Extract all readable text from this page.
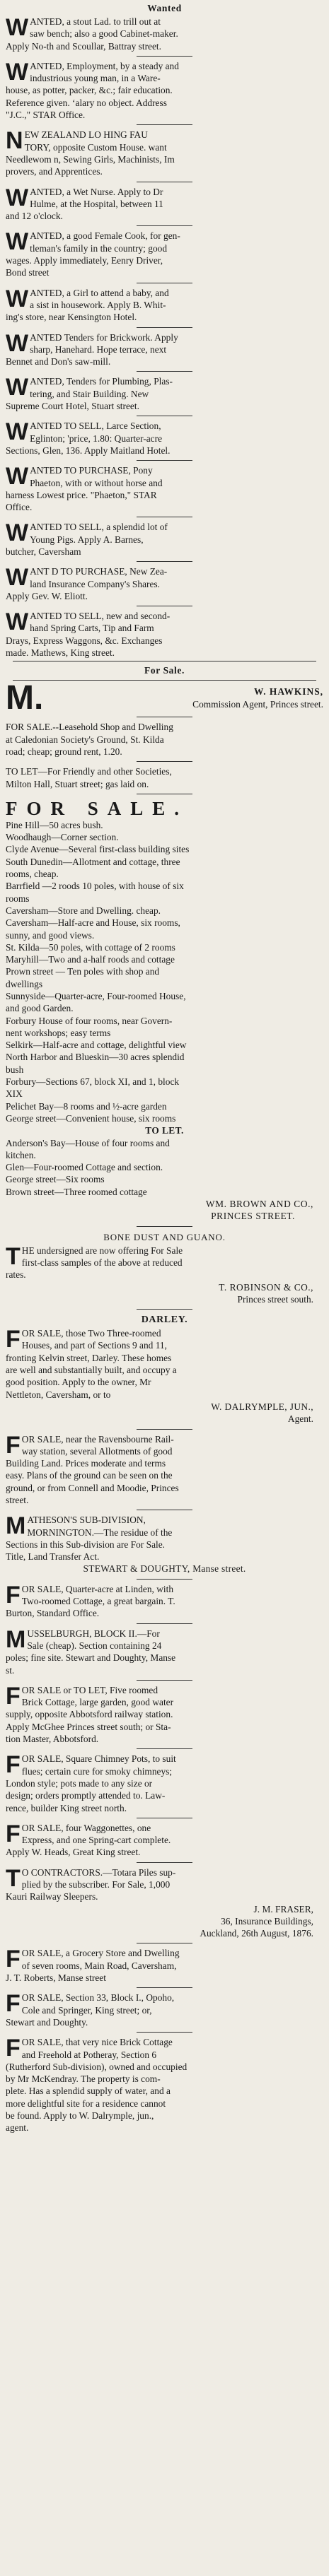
Wanted
W ANTED, a stout Lad. to trill out at
saw bench; also a good Cabinet-maker.
Apply No-th and Scoullar, Battray street.
W ANTED, Employment, by a steady and
industrious young man, in a Ware-
house, as potter, packer, &c.; fair education.
Reference given. ‘alary no object. Address
"J.C.," STAR Office.
N EW ZEALAND LO HING FAU
TORY, opposite Custom House. want
Needlewom n, Sewing Girls, Machinists, Im
provers, and Apprentices.
W ANTED, a Wet Nurse. Apply to Dr
Hulme, at the Hospital, between 11
and 12 o'clock.
W ANTED, a good Female Cook, for gen-
tleman's family in the country; good
wages. Apply immediately, Eenry Driver,
Bond street
W ANTED, a Girl to attend a baby, and
a sist in housework. Apply B. Whit-
ing's store, near Kensington Hotel.
W ANTED Tenders for Brickwork. Apply
sharp, Hanehard. Hope terrace, next
Bennet and Don's saw-mill.
W ANTED, Tenders for Plumbing, Plas-
tering, and Stair Building. New
Supreme Court Hotel, Stuart street.
W ANTED TO SELL, Larce Section,
Eglinton; 'price, 1.80: Quarter-acre
Sections, Glen, 136. Apply Maitland Hotel.
W ANTED TO PURCHASE, Pony
Phaeton, with or without horse and
harness Lowest price. "Phaeton," STAR
Office.
W ANTED TO SELL, a splendid lot of
Young Pigs. Apply A. Barnes,
butcher, Caversham
W ANT D TO PURCHASE, New Zea-
land Insurance Company's Shares.
Apply Gev. W. Eliott.
W ANTED TO SELL, new and second-
hand Spring Carts, Tip and Farm
Drays, Express Waggons, &c. Exchanges
made. Mathews, King street.
For Sale.
M.	W. HAWKINS,
Commission Agent, Princes street.
FOR SALE.--Leasehold Shop and Dwelling
at Caledonian Society's Ground, St. Kilda
road; cheap; ground rent, 1.20.
TO LET—For Friendly and other Societies,
Milton Hall, Stuart street; gas laid on.
FOR SALE.
Pine Hill—50 acres bush.
Woodhaugh—Corner section.
Clyde Avenue—Several first-class building sites
South Dunedin—Allotment and cottage, three
rooms, cheap.
Barrfield —2 roods 10 poles, with house of six
rooms
Caversham—Store and Dwelling. cheap.
Caversham—Half-acre and House, six rooms,
sunny, and good views.
St. Kilda—50 poles, with cottage of 2 rooms
Maryhill—Two and a-half roods and cottage
Prown street — Ten poles with shop and
dwellings
Sunnyside—Quarter-acre, Four-roomed House,
and good Garden.
Forbury House of four rooms, near Govern-
nent workshops; easy terms
Selkirk—Half-acre and cottage, delightful view
North Harbor and Blueskin—30 acres splendid
bush
Forbury—Sections 67, block XI, and 1, block
XIX
Pelichet Bay—8 rooms and ½-acre garden
George street—Convenient house, six rooms
TO LET.
Anderson's Bay—House of four rooms and
kitchen.
Glen—Four-roomed Cottage and section.
George street—Six rooms
Brown street—Three roomed cottage
WM. BROWN AND CO.,
PRINCES STREET.
BONE DUST AND GUANO.
T HE undersigned are now offering For Sale
first-class samples of the above at reduced
rates.
T. ROBINSON & CO.,
Princes street south.
DARLEY.
F OR SALE, those Two Three-roomed
Houses, and part of Sections 9 and 11,
fronting Kelvin street, Darley. These homes
are well and substantially built, and occupy a
good position. Apply to the owner, Mr
Nettleton, Caversham, or to
W. DALRYMPLE, JUN.,
Agent.
F OR SALE, near the Ravensbourne Rail-
way station, several Allotments of good
Building Land. Prices moderate and terms
easy. Plans of the ground can be seen on the
ground, or from Connell and Moodie, Princes
street.
M ATHESON'S SUB-DIVISION,
MORNINGTON.—The residue of the
Sections in this Sub-division are For Sale.
Title, Land Transfer Act.
STEWART & DOUGHTY, Manse street.
F OR SALE, Quarter-acre at Linden, with
Two-roomed Cottage, a great bargain. T.
Burton, Standard Office.
M USSELBURGH, BLOCK II.—For
Sale (cheap). Section containing 24
poles; fine site. Stewart and Doughty, Manse
st.
F OR SALE or TO LET, Five roomed
Brick Cottage, large garden, good water
supply, opposite Abbotsford railway station.
Apply McGhee Princes street south; or Sta-
tion Master, Abbotsford.
F OR SALE, Square Chimney Pots, to suit
flues; certain cure for smoky chimneys;
London style; pots made to any size or
design; orders promptly attended to. Law-
rence, builder King street north.
F OR SALE, four Waggonettes, one
Express, and one Spring-cart complete.
Apply W. Heads, Great King street.
T O CONTRACTORS.—Totara Piles sup-
plied by the subscriber. For Sale, 1,000
Kauri Railway Sleepers.
J. M. FRASER,
36, Insurance Buildings,
Auckland, 26th August, 1876.
F OR SALE, a Grocery Store and Dwelling
of seven rooms, Main Road, Caversham,
J. T. Roberts, Manse street
F OR SALE, Section 33, Block I., Opoho,
Cole and Springer, King street; or,
Stewart and Doughty.
F OR SALE, that very nice Brick Cottage
and Freehold at Potheray, Section 6
(Rutherford Sub-division), owned and occupied
by Mr McKendray. The property is com-
plete. Has a splendid supply of water, and a
more delightful site for a residence cannot
be found. Apply to W. Dalrymple, jun.,
agent.
